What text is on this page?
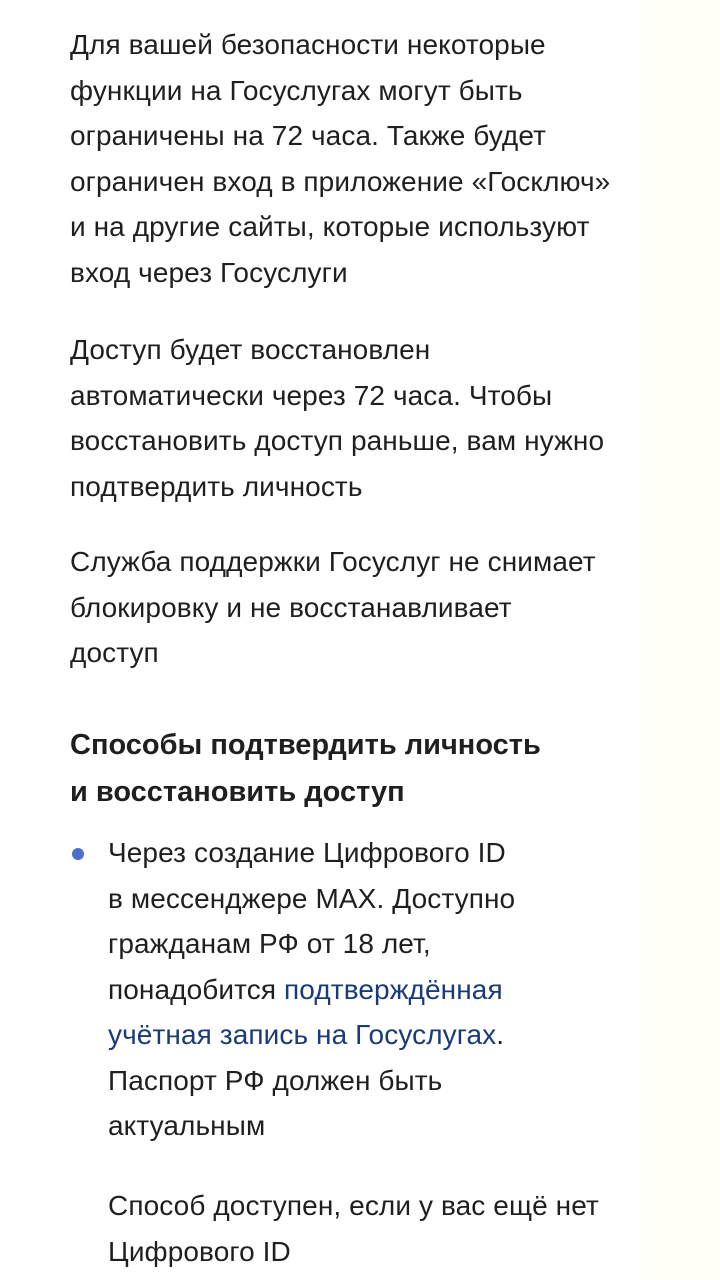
Для вашей безопасности некоторые
функции на Госуслугах могут быть
ограничены на 72 часа. Также будет
ограничен вход в приложение «Госключ»
и на другие сайты, которые используют
вход через Госуслуги
Доступ будет восстановлен
автоматически через 72 часа. Чтобы
восстановить доступ раньше, вам нужно
подтвердить личность
Служба поддержки Госуслуг не снимает
блокировку и не восстанавливает
доступ
Способы подтвердить личность
и восстановить доступ
Через создание Цифрового ID
в мессенджере MAX. Доступно
гражданам РФ от 18 лет,
понадобится подтверждённая
учётная запись на Госуслугах.
Паспорт РФ должен быть
актуальным
Способ доступен, если у вас ещё нет
Цифрового ID
